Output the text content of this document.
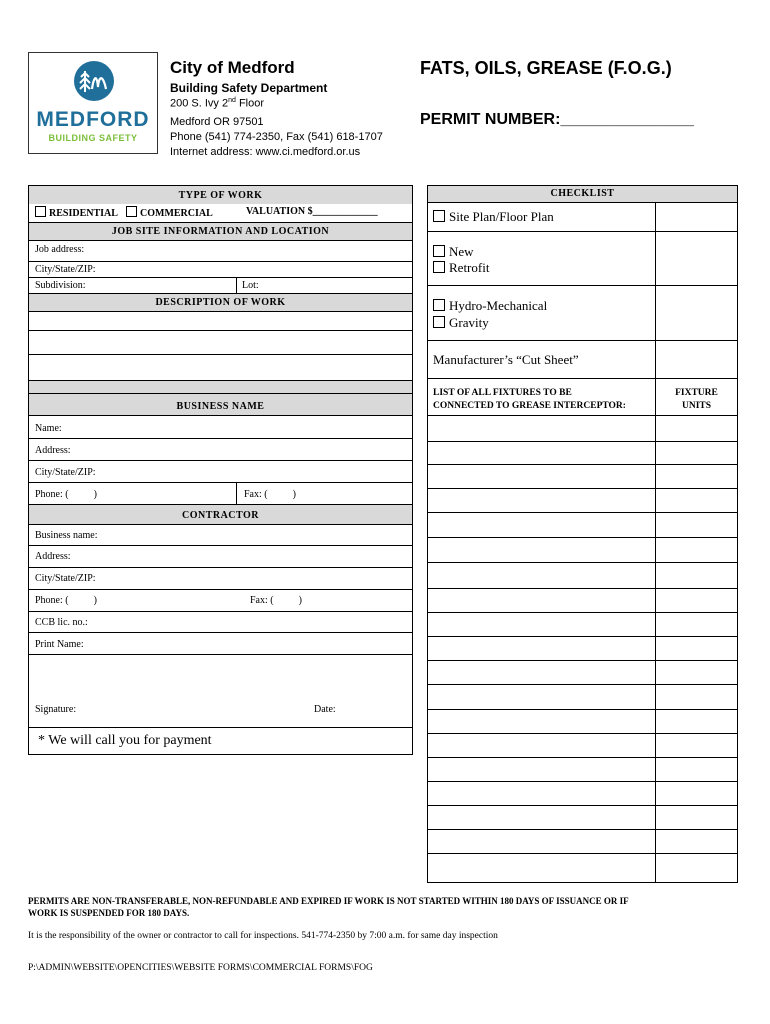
MEDFORD
BUILDING SAFETY
City of Medford
Building Safety Department
200 S. Ivy 2nd Floor
Medford OR 97501
Phone (541) 774-2350, Fax (541) 618-1707
Internet address: www.ci.medford.or.us
FATS, OILS, GREASE (F.O.G.)
PERMIT NUMBER:_______________
TYPE OF WORK
RESIDENTIAL	COMMERCIAL	VALUATION $_____________
JOB SITE INFORMATION AND LOCATION
Job address:
City/State/ZIP:
Subdivision:	Lot:
DESCRIPTION OF WORK
BUSINESS NAME
Name:
Address:
City/State/ZIP:
Phone: (          )	Fax: (          )
CONTRACTOR
Business name:
Address:
City/State/ZIP:
Phone: (          )	Fax: (          )
CCB lic. no.:
Print Name:
Signature:	Date:
* We will call you for payment
CHECKLIST
Site Plan/Floor Plan
New
Retrofit
Hydro-Mechanical
Gravity
Manufacturer’s “Cut Sheet”
LIST OF ALL FIXTURES TO BE
CONNECTED TO GREASE INTERCEPTOR:
FIXTURE
UNITS
PERMITS ARE NON-TRANSFERABLE, NON-REFUNDABLE AND EXPIRED IF WORK IS NOT STARTED WITHIN 180 DAYS OF ISSUANCE OR IF
WORK IS SUSPENDED FOR 180 DAYS.
It is the responsibility of the owner or contractor to call for inspections. 541-774-2350 by 7:00 a.m. for same day inspection
P:\ADMIN\WEBSITE\OPENCITIES\WEBSITE FORMS\COMMERCIAL FORMS\FOG
